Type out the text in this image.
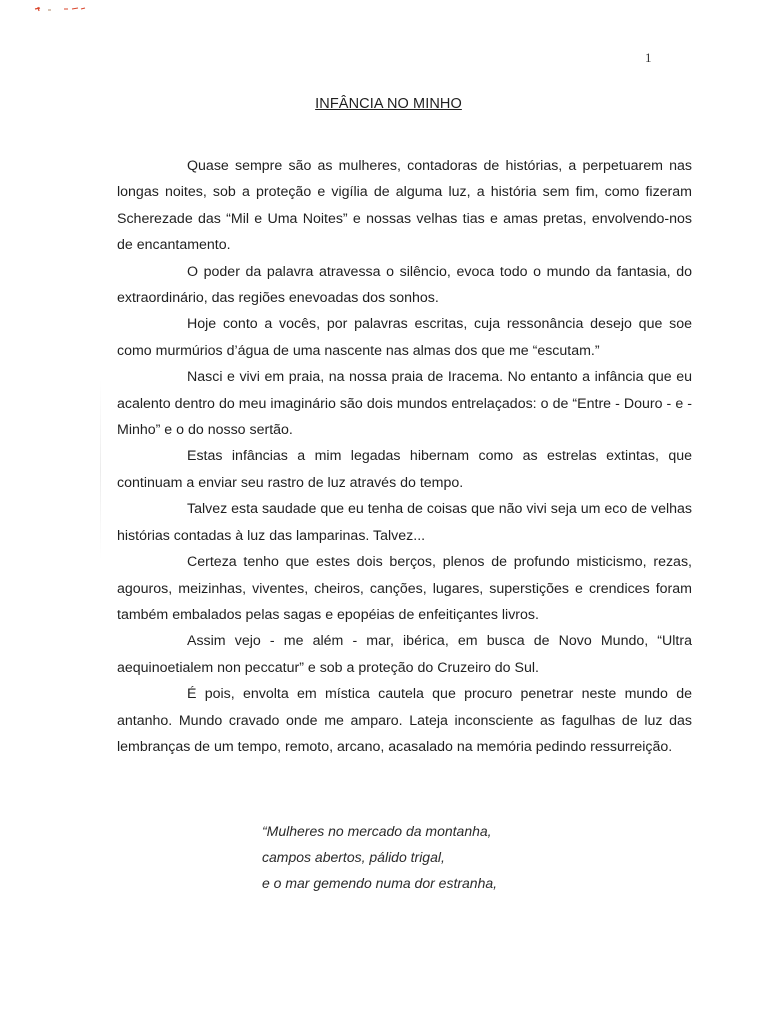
1
INFÂNCIA NO MINHO

Quase sempre são as mulheres, contadoras de histórias, a perpetuarem nas longas noites, sob a proteção e vigília de alguma luz, a história sem fim, como fizeram Scherezade das “Mil e Uma Noites” e nossas velhas tias e amas pretas, envolvendo-nos de encantamento.

O poder da palavra atravessa o silêncio, evoca todo o mundo da fantasia, do extraordinário, das regiões enevoadas dos sonhos.

Hoje conto a vocês, por palavras escritas, cuja ressonância desejo que soe como murmúrios d’água de uma nascente nas almas dos que me “escutam.”

Nasci e vivi em praia, na nossa praia de Iracema. No entanto a infância que eu acalento dentro do meu imaginário são dois mundos entrelaçados: o de “Entre - Douro - e - Minho” e o do nosso sertão.

Estas infâncias a mim legadas hibernam como as estrelas extintas, que continuam a enviar seu rastro de luz através do tempo.

Talvez esta saudade que eu tenha de coisas que não vivi seja um eco de velhas histórias contadas à luz das lamparinas. Talvez...

Certeza tenho que estes dois berços, plenos de profundo misticismo, rezas, agouros, meizinhas, viventes, cheiros, canções, lugares, superstições e crendices foram também embalados pelas sagas e epopéias de enfeitiçantes livros.

Assim vejo - me além - mar, ibérica, em busca de Novo Mundo, “Ultra aequinoetialem non peccatur” e sob a proteção do Cruzeiro do Sul.

É pois, envolta em mística cautela que procuro penetrar neste mundo de antanho. Mundo cravado onde me amparo. Lateja inconsciente as fagulhas de luz das lembranças de um tempo, remoto, arcano, acasalado na memória pedindo ressurreição.

“Mulheres no mercado da montanha,
campos abertos, pálido trigal,
e o mar gemendo numa dor estranha,
